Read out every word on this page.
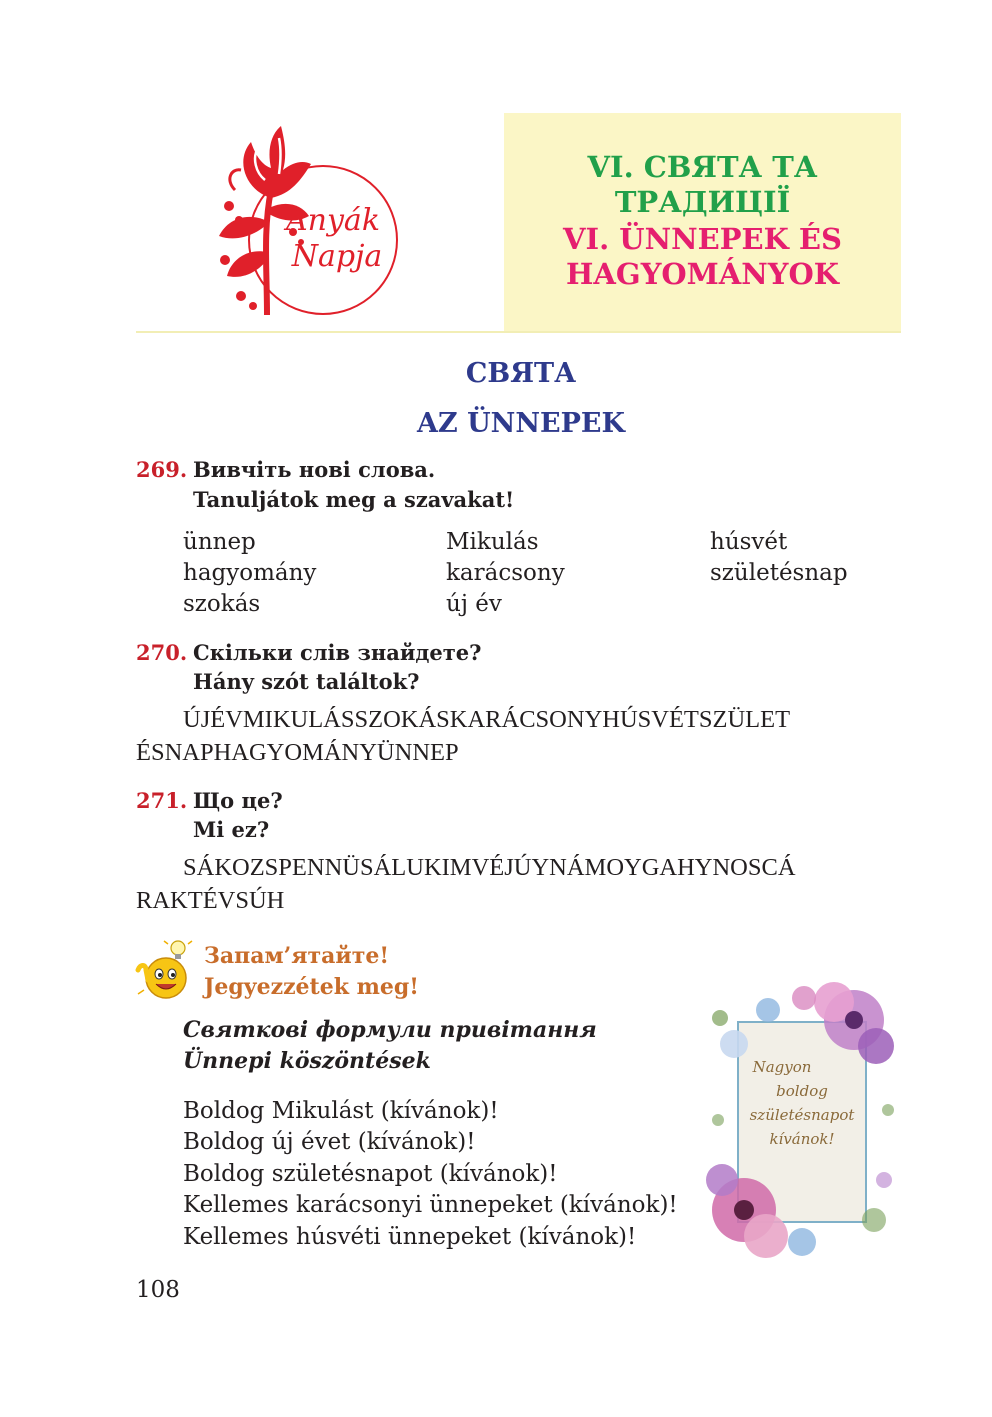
Anyák
Napja
VI. СВЯТА ТА
ТРАДИЦІЇ
VI. ÜNNEPEK ÉS
HAGYOMÁNYOK
СВЯТА
AZ ÜNNEPEK
269. Вивчіть нові слова.
Tanuljátok meg a szavakat!
ünnep	Mikulás	húsvét
hagyomány	karácsony	születésnap
szokás	új év
270. Скільки слів знайдете?
Hány szót találtok?
ÚJÉVMIKULÁSSZOKÁSKARÁCSONYHÚSVÉTSZÜLET
ÉSNAPHAGYOMÁNYÜNNEP
271. Що це?
Mi ez?
SÁKOZSPENNÜSÁLUKIMVÉJÚYNÁMOYGAHYNOSCÁ
RAKTÉVSÚH
Запам’ятайте!
Jegyezzétek meg!
Святкові формули привітання
Ünnepi köszöntések
Boldog Mikulást (kívánok)!
Boldog új évet (kívánok)!
Boldog születésnapot (kívánok)!
Kellemes karácsonyi ünnepeket (kívánok)!
Kellemes húsvéti ünnepeket (kívánok)!
Nagyon
boldog
születésnapot
kívánok!
108
